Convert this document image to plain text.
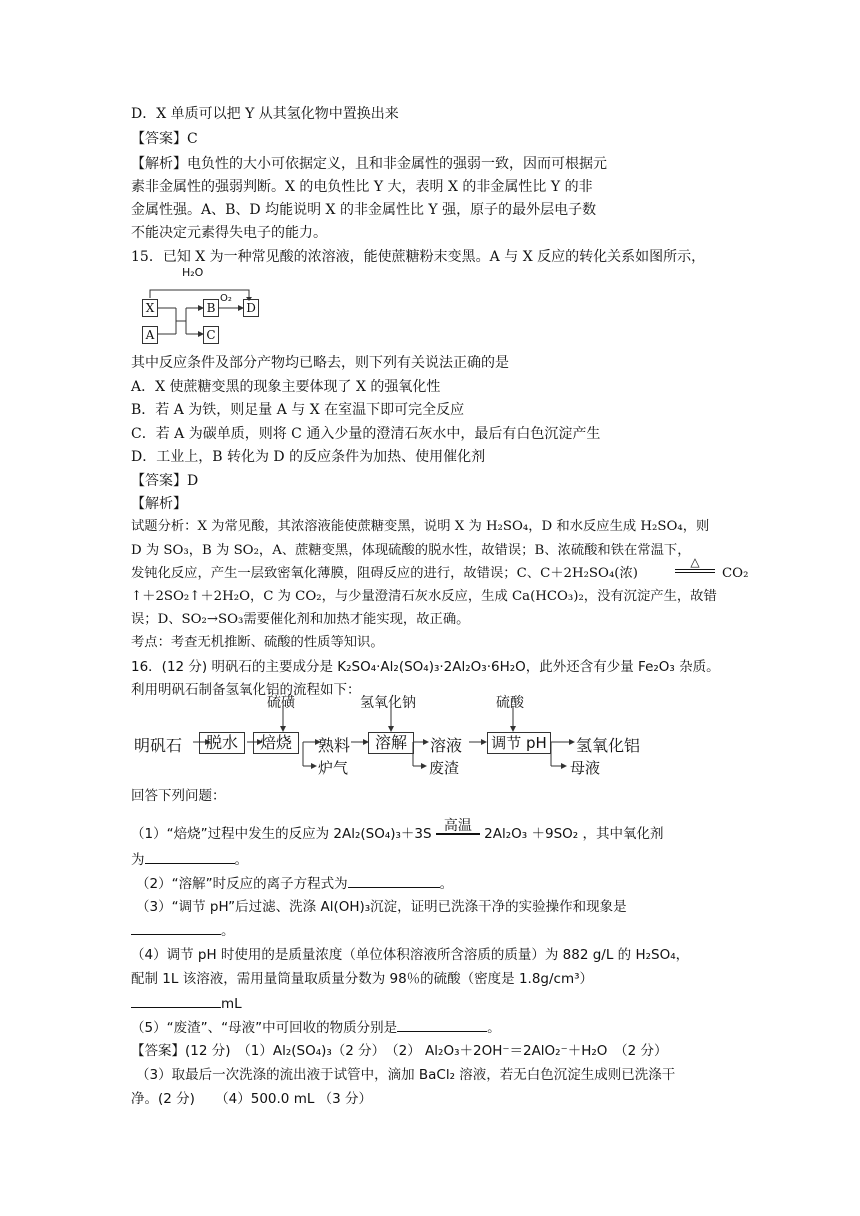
D．X 单质可以把 Y 从其氢化物中置换出来
【答案】C
【解析】电负性的大小可依据定义，且和非金属性的强弱一致，因而可根据元
素非金属性的强弱判断。X 的电负性比 Y 大，表明 X 的非金属性比 Y 的非
金属性强。A、B、D 均能说明 X 的非金属性比 Y 强，原子的最外层电子数
不能决定元素得失电子的能力。
15．已知 X 为一种常见酸的浓溶液，能使蔗糖粉末变黑。A 与 X 反应的转化关系如图所示，
H₂O
O₂
X
A
B
C
D
其中反应条件及部分产物均已略去，则下列有关说法正确的是
A．X 使蔗糖变黑的现象主要体现了 X 的强氧化性
B．若 A 为铁，则足量 A 与 X 在室温下即可完全反应
C．若 A 为碳单质，则将 C 通入少量的澄清石灰水中，最后有白色沉淀产生
D．工业上，B 转化为 D 的反应条件为加热、使用催化剂
【答案】D
【解析】
试题分析：X 为常见酸，其浓溶液能使蔗糖变黑，说明 X 为 H₂SO₄，D 和水反应生成 H₂SO₄，则
D 为 SO₃，B 为 SO₂，A、蔗糖变黑，体现硫酸的脱水性，故错误；B、浓硫酸和铁在常温下，
发钝化反应，产生一层致密氧化薄膜，阻碍反应的进行，故错误；C、C＋2H₂SO₄(浓)
△
CO₂
↑＋2SO₂↑＋2H₂O，C 为 CO₂，与少量澄清石灰水反应，生成 Ca(HCO₃)₂，没有沉淀产生，故错
误；D、SO₂→SO₃需要催化剂和加热才能实现，故正确。
考点：考查无机推断、硫酸的性质等知识。
16．(12 分) 明矾石的主要成分是 K₂SO₄·Al₂(SO₄)₃·2Al₂O₃·6H₂O，此外还含有少量 Fe₂O₃ 杂质。
利用明矾石制备氢氧化铝的流程如下：
明矾石	脱水	焙烧	熟料	溶解	溶液 调节 pH 氢氧化铝
硫磺	氢氧化钠	硫酸
炉气	废渣	母液
回答下列问题：
（1）“焙烧”过程中发生的反应为 2Al₂(SO₄)₃＋3S 高温 2Al₂O₃ ＋9SO₂ ，其中氧化剂
为	。
（2）“溶解”时反应的离子方程式为	。
（3）“调节 pH”后过滤、洗涤 Al(OH)₃沉淀，证明已洗涤干净的实验操作和现象是
。
（4）调节 pH 时使用的是质量浓度（单位体积溶液所含溶质的质量）为 882 g/L 的 H₂SO₄，
配制 1L 该溶液，需用量筒量取质量分数为 98％的硫酸（密度是 1.8g/cm³）
mL
（5）“废渣”、“母液”中可回收的物质分别是	。
【答案】(12 分)　（1）Al₂(SO₄)₃（2 分）　（2） Al₂O₃＋2OH⁻＝2AlO₂⁻＋H₂O　（2 分）
（3）取最后一次洗涤的流出液于试管中，滴加 BaCl₂ 溶液，若无白色沉淀生成则已洗涤干
净。(2 分)　　（4）500.0 mL （3 分）
